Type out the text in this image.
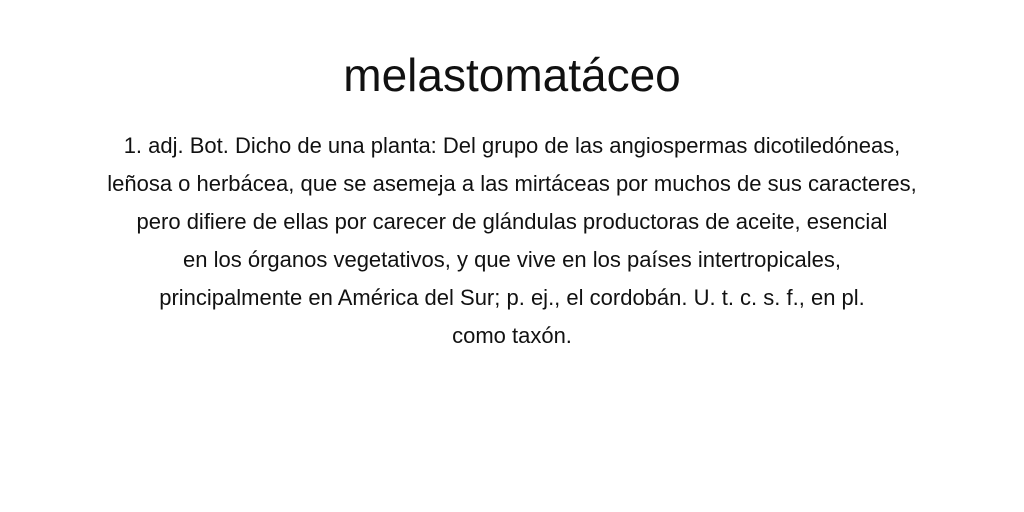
melastomatáceo

1. adj. Bot. Dicho de una planta: Del grupo de las angiospermas dicotiledóneas,
leñosa o herbácea, que se asemeja a las mirtáceas por muchos de sus caracteres,
pero difiere de ellas por carecer de glándulas productoras de aceite, esencial
en los órganos vegetativos, y que vive en los países intertropicales,
principalmente en América del Sur; p. ej., el cordobán. U. t. c. s. f., en pl.
como taxón.
